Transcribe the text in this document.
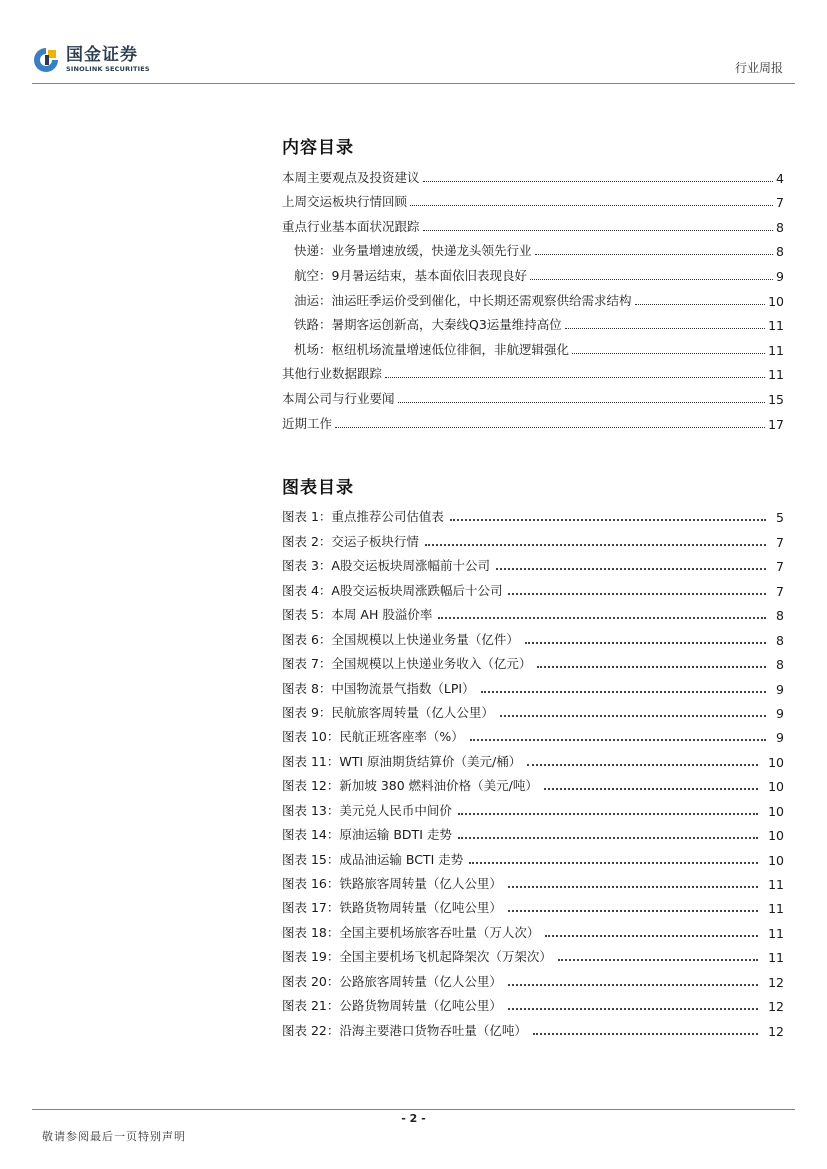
国金证券
SINOLINK SECURITIES	行业周报
内容目录
本周主要观点及投资建议	4
上周交运板块行情回顾	7
重点行业基本面状况跟踪	8
快递：业务量增速放缓，快递龙头领先行业	8
航空：9月暑运结束，基本面依旧表现良好	9
油运：油运旺季运价受到催化，中长期还需观察供给需求结构	10
铁路：暑期客运创新高，大秦线Q3运量维持高位	11
机场：枢纽机场流量增速低位徘徊，非航逻辑强化	11
其他行业数据跟踪	11
本周公司与行业要闻	15
近期工作	17
图表目录
图表 1：重点推荐公司估值表	5
图表 2：交运子板块行情	7
图表 3：A股交运板块周涨幅前十公司	7
图表 4：A股交运板块周涨跌幅后十公司	7
图表 5：本周 AH 股溢价率	8
图表 6：全国规模以上快递业务量（亿件）	8
图表 7：全国规模以上快递业务收入（亿元）	8
图表 8：中国物流景气指数（LPI）	9
图表 9：民航旅客周转量（亿人公里）	9
图表 10：民航正班客座率（%）	9
图表 11：WTI 原油期货结算价（美元/桶）	10
图表 12：新加坡 380 燃料油价格（美元/吨）	10
图表 13：美元兑人民币中间价	10
图表 14：原油运输 BDTI 走势	10
图表 15：成品油运输 BCTI 走势	10
图表 16：铁路旅客周转量（亿人公里）	11
图表 17：铁路货物周转量（亿吨公里）	11
图表 18：全国主要机场旅客吞吐量（万人次）	11
图表 19：全国主要机场飞机起降架次（万架次）	11
图表 20：公路旅客周转量（亿人公里）	12
图表 21：公路货物周转量（亿吨公里）	12
图表 22：沿海主要港口货物吞吐量（亿吨）	12
- 2 -
敬请参阅最后一页特别声明
